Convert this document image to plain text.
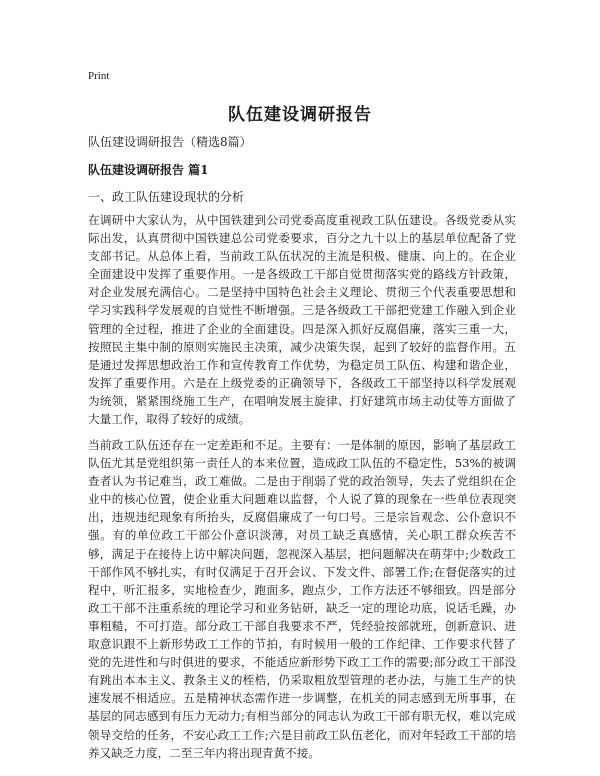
Print
队伍建设调研报告

队伍建设调研报告（精选8篇）

队伍建设调研报告 篇1

一、政工队伍建设现状的分析

在调研中大家认为，从中国铁建到公司党委高度重视政工队伍建设。各级党委从实际出发，认真贯彻中国铁建总公司党委要求，百分之九十以上的基层单位配备了党支部书记。从总体上看，当前政工队伍状况的主流是积极、健康、向上的。在企业全面建设中发挥了重要作用。一是各级政工干部自觉贯彻落实党的路线方针政策，对企业发展充满信心。二是坚持中国特色社会主义理论、贯彻三个代表重要思想和学习实践科学发展观的自觉性不断增强。三是各级政工干部把党建工作融入到企业管理的全过程，推进了企业的全面建设。四是深入抓好反腐倡廉，落实三重一大，按照民主集中制的原则实施民主决策，减少决策失误，起到了较好的监督作用。五是通过发挥思想政治工作和宣传教育工作优势，为稳定员工队伍、构建和谐企业，发挥了重要作用。六是在上级党委的正确领导下，各级政工干部坚持以科学发展观为统领，紧紧围绕施工生产，在唱响发展主旋律、打好建筑市场主动仗等方面做了大量工作，取得了较好的成绩。

当前政工队伍还存在一定差距和不足。主要有：一是体制的原因，影响了基层政工队伍尤其是党组织第一责任人的本来位置，造成政工队伍的不稳定性，53%的被调查者认为书记难当，政工难做。二是由于削弱了党的政治领导，失去了党组织在企业中的核心位置，使企业重大问题难以监督，个人说了算的现象在一些单位表现突出，违规违纪现象有所抬头，反腐倡廉成了一句口号。三是宗旨观念、公仆意识不强。有的单位政工干部公仆意识淡薄，对员工缺乏真感情，关心职工群众疾苦不够，满足于在接待上访中解决问题，忽视深入基层，把问题解决在萌芽中;少数政工干部作风不够扎实，有时仅满足于召开会议、下发文件、部署工作;在督促落实的过程中，听汇报多，实地检查少，跑面多，跑点少，工作方法还不够细致。四是部分政工干部不注重系统的理论学习和业务钻研，缺乏一定的理论功底，说话毛躁，办事粗糙，不可打造。部分政工干部自我要求不严，凭经验按部就班，创新意识、进取意识跟不上新形势政工工作的节拍，有时候用一般的工作纪律、工作要求代替了党的先进性和与时俱进的要求，不能适应新形势下政工工作的需要;部分政工干部没有跳出本本主义、教条主义的桎梏，仍采取粗放型管理的老办法，与施工生产的快速发展不相适应。五是精神状态需作进一步调整，在机关的同志感到无所事事，在基层的同志感到有压力无动力;有相当部分的同志认为政工干部有职无权，难以完成领导交给的任务，不安心政工工作;六是目前政工队伍老化，而对年轻政工干部的培养又缺乏力度，二至三年内将出现青黄不接。
